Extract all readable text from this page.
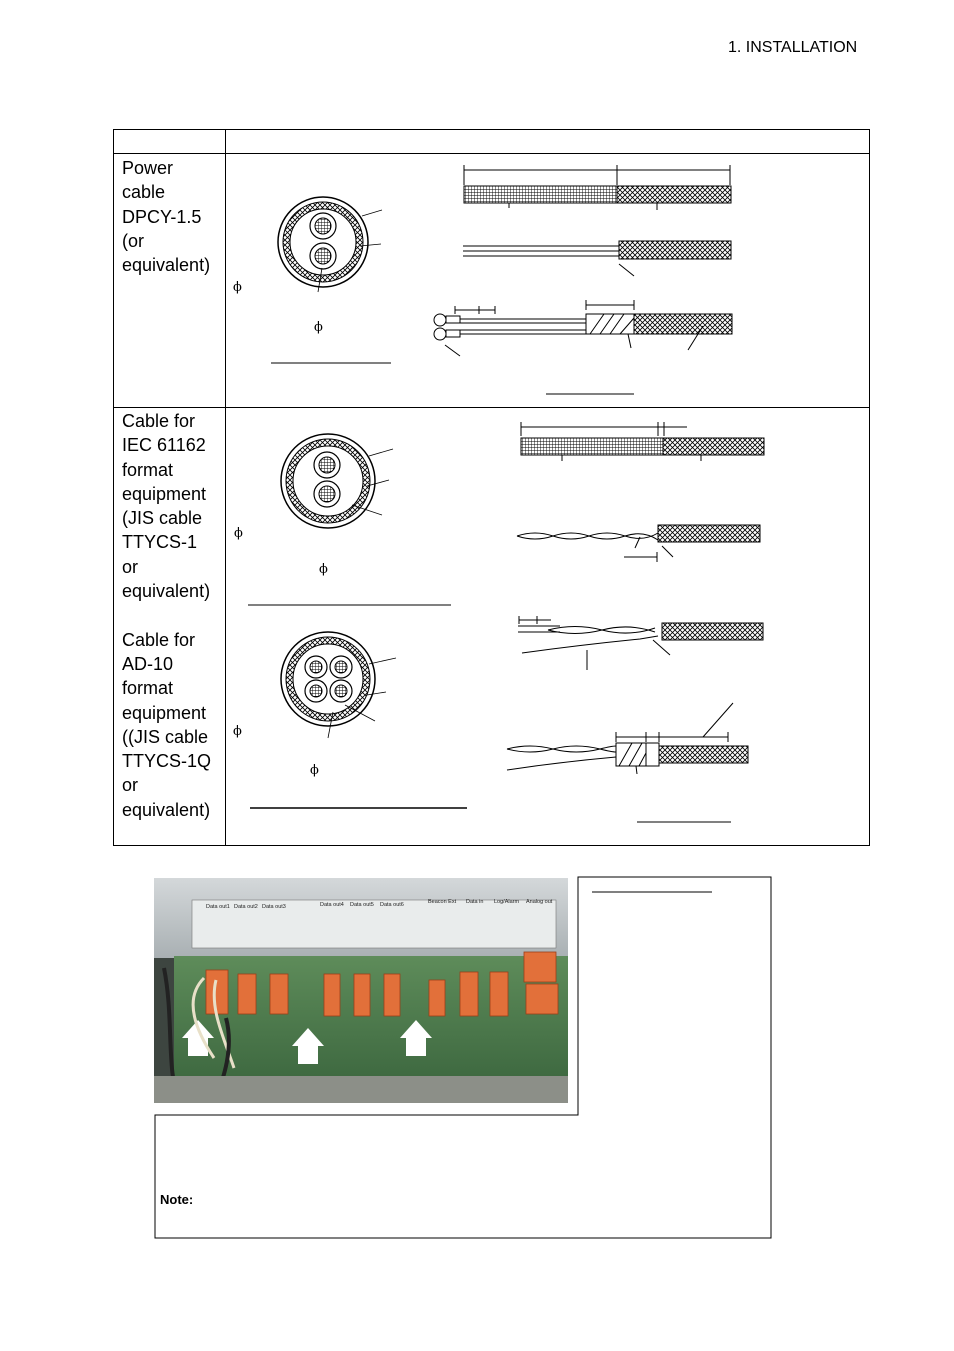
1. INSTALLATION
Power
cable
DPCY-1.5
(or
equivalent)
Cable for
IEC 61162
format
equipment
(JIS cable
TTYCS-1
or
equivalent)

Cable for
AD-10
format
equipment
((JIS cable
TTYCS-1Q
or
equivalent)
ϕ
ϕ
ϕ
ϕ
ϕ
ϕ
Data out1 Data out2 Data out3	Data out4 Data out5 Data out6	Beacon Ext Data in Log/Alarm Analog out
Note:
